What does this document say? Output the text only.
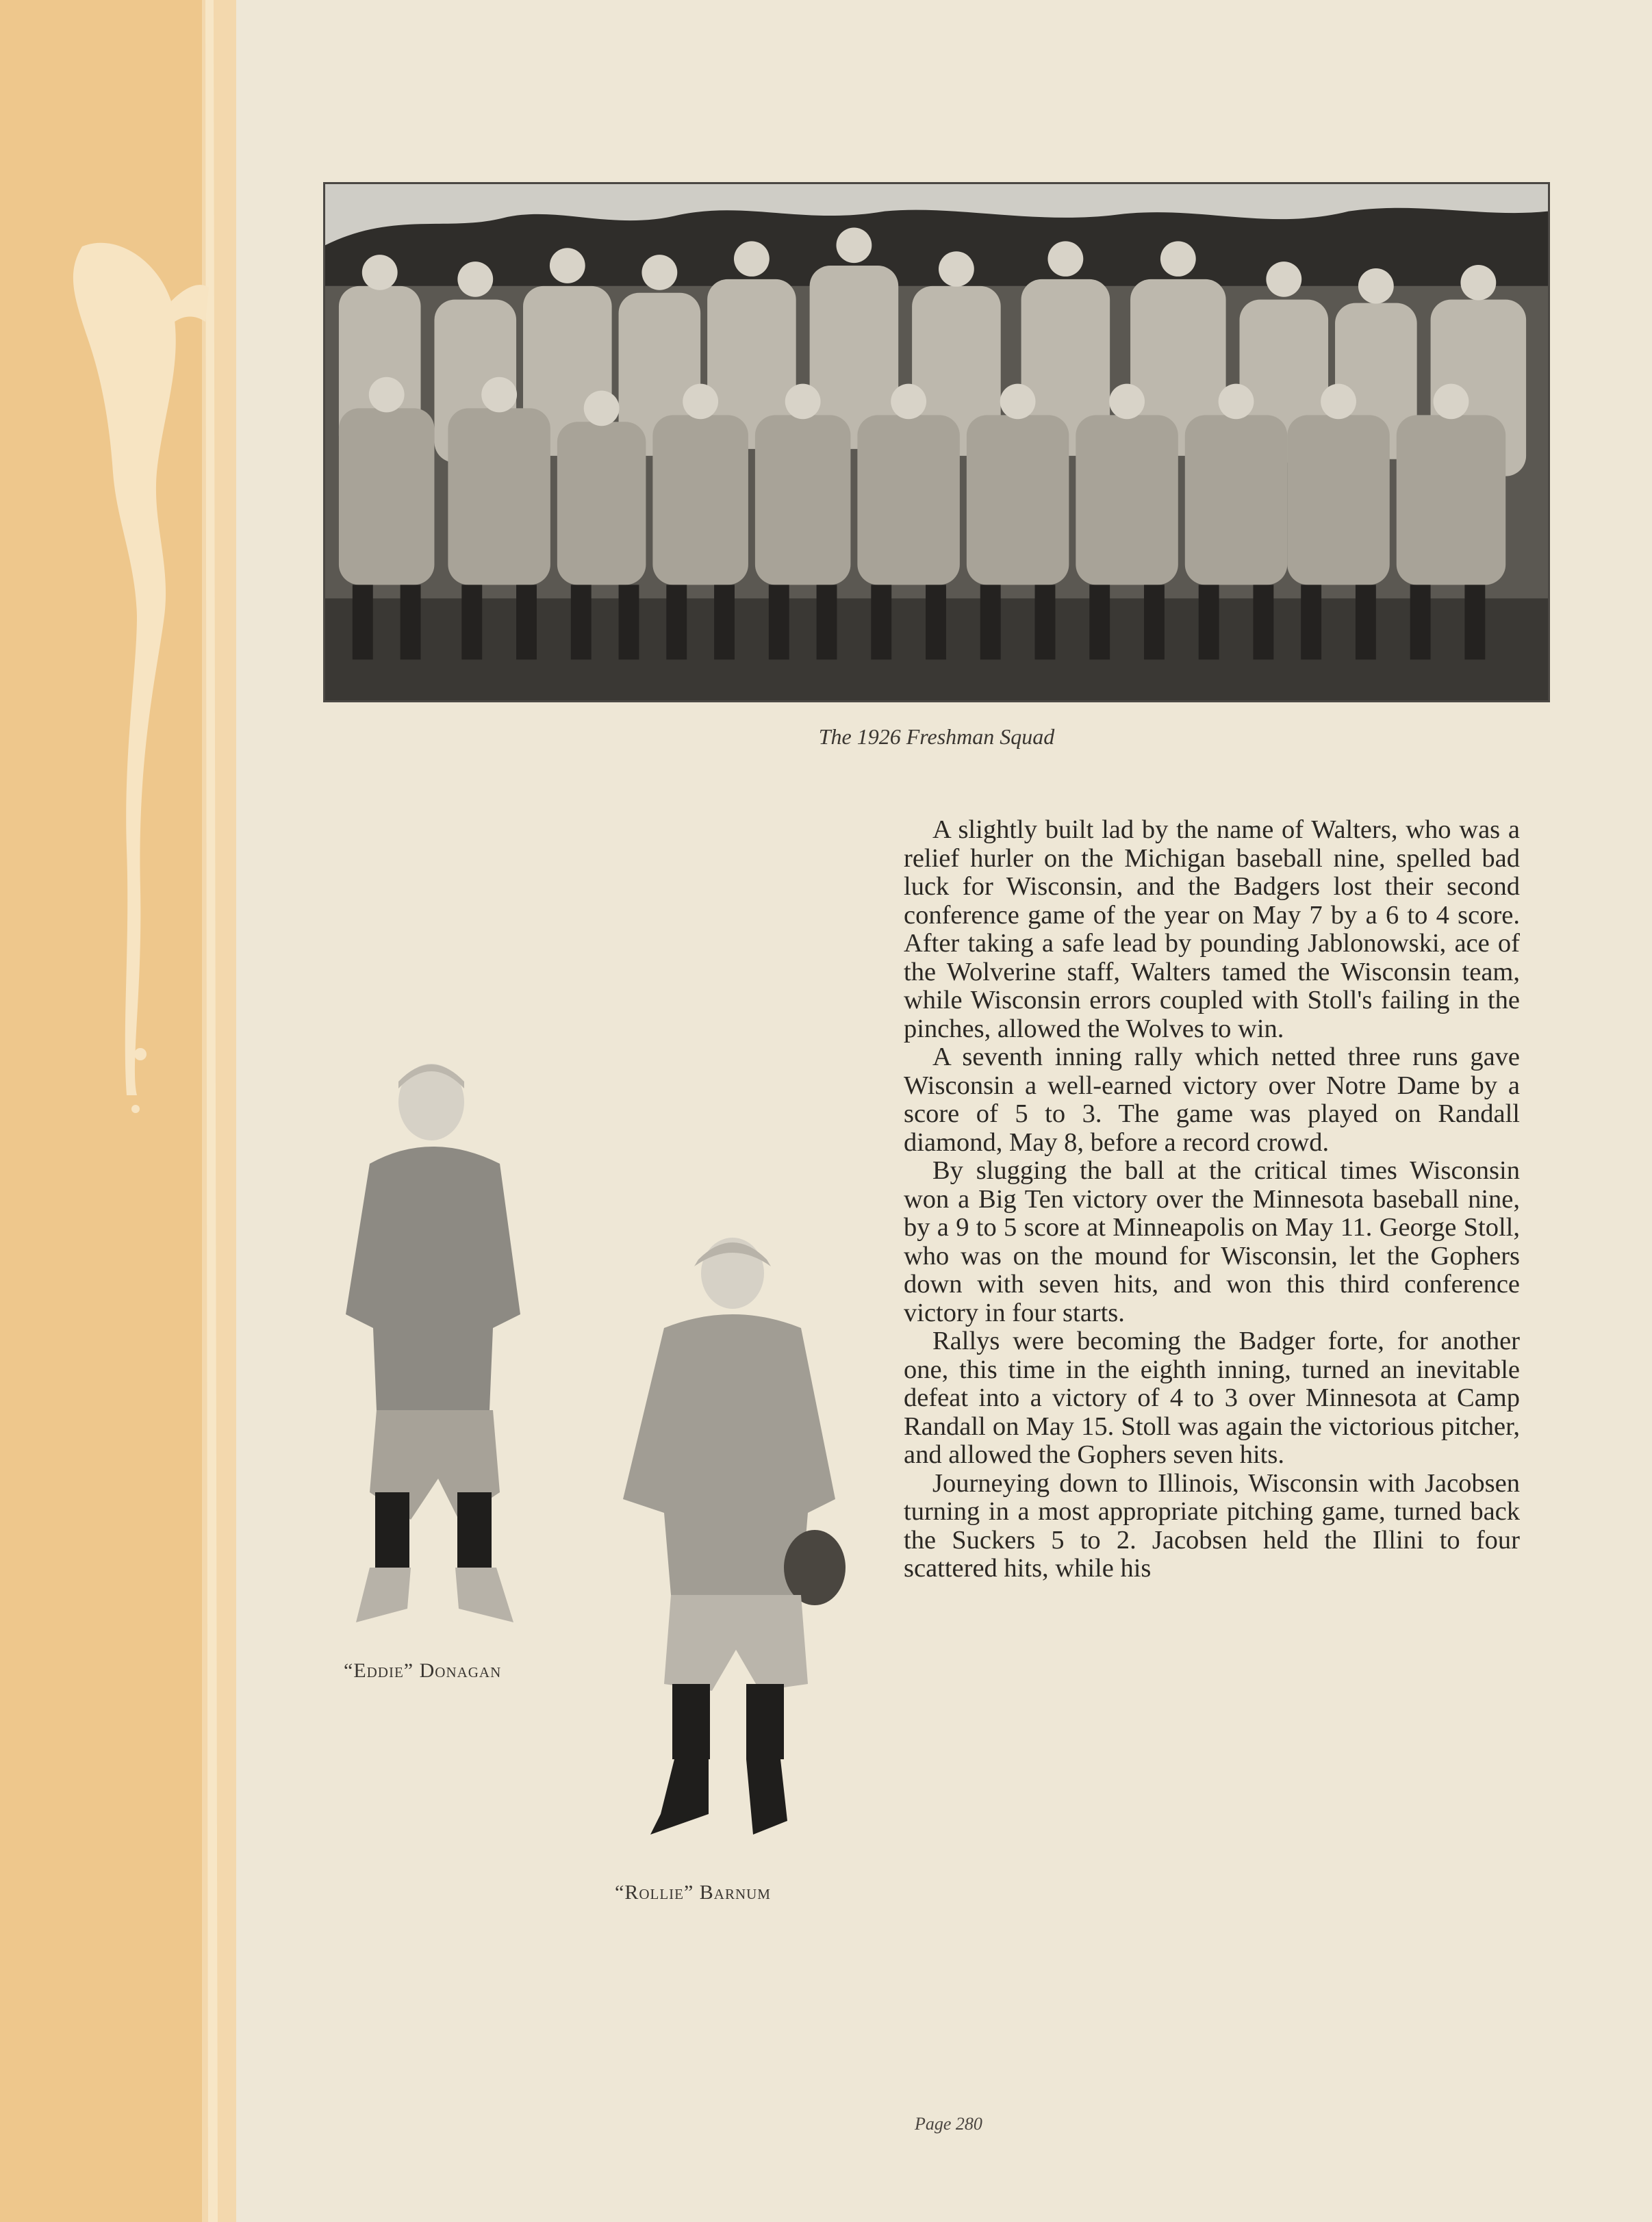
The 1926 Freshman Squad

A slightly built lad by the name of Walters, who was a relief hurler on the Michigan baseball nine, spelled bad luck for Wisconsin, and the Badgers lost their second conference game of the year on May 7 by a 6 to 4 score. After taking a safe lead by pounding Jablonowski, ace of the Wolverine staff, Walters tamed the Wisconsin team, while Wisconsin errors coupled with Stoll's failing in the pinches, allowed the Wolves to win.

A seventh inning rally which netted three runs gave Wisconsin a well-earned victory over Notre Dame by a score of 5 to 3. The game was played on Randall diamond, May 8, before a record crowd.

By slugging the ball at the critical times Wisconsin won a Big Ten victory over the Minnesota baseball nine, by a 9 to 5 score at Minneapolis on May 11. George Stoll, who was on the mound for Wisconsin, let the Gophers down with seven hits, and won this third conference victory in four starts.

Rallys were becoming the Badger forte, for another one, this time in the eighth inning, turned an inevitable defeat into a victory of 4 to 3 over Minnesota at Camp Randall on May 15. Stoll was again the victorious pitcher, and allowed the Gophers seven hits.

Journeying down to Illinois, Wisconsin with Jacobsen turning in a most appropriate pitching game, turned back the Suckers 5 to 2. Jacobsen held the Illini to four scattered hits, while his

“Eddie” Donagan
“Rollie” Barnum
Page 280
